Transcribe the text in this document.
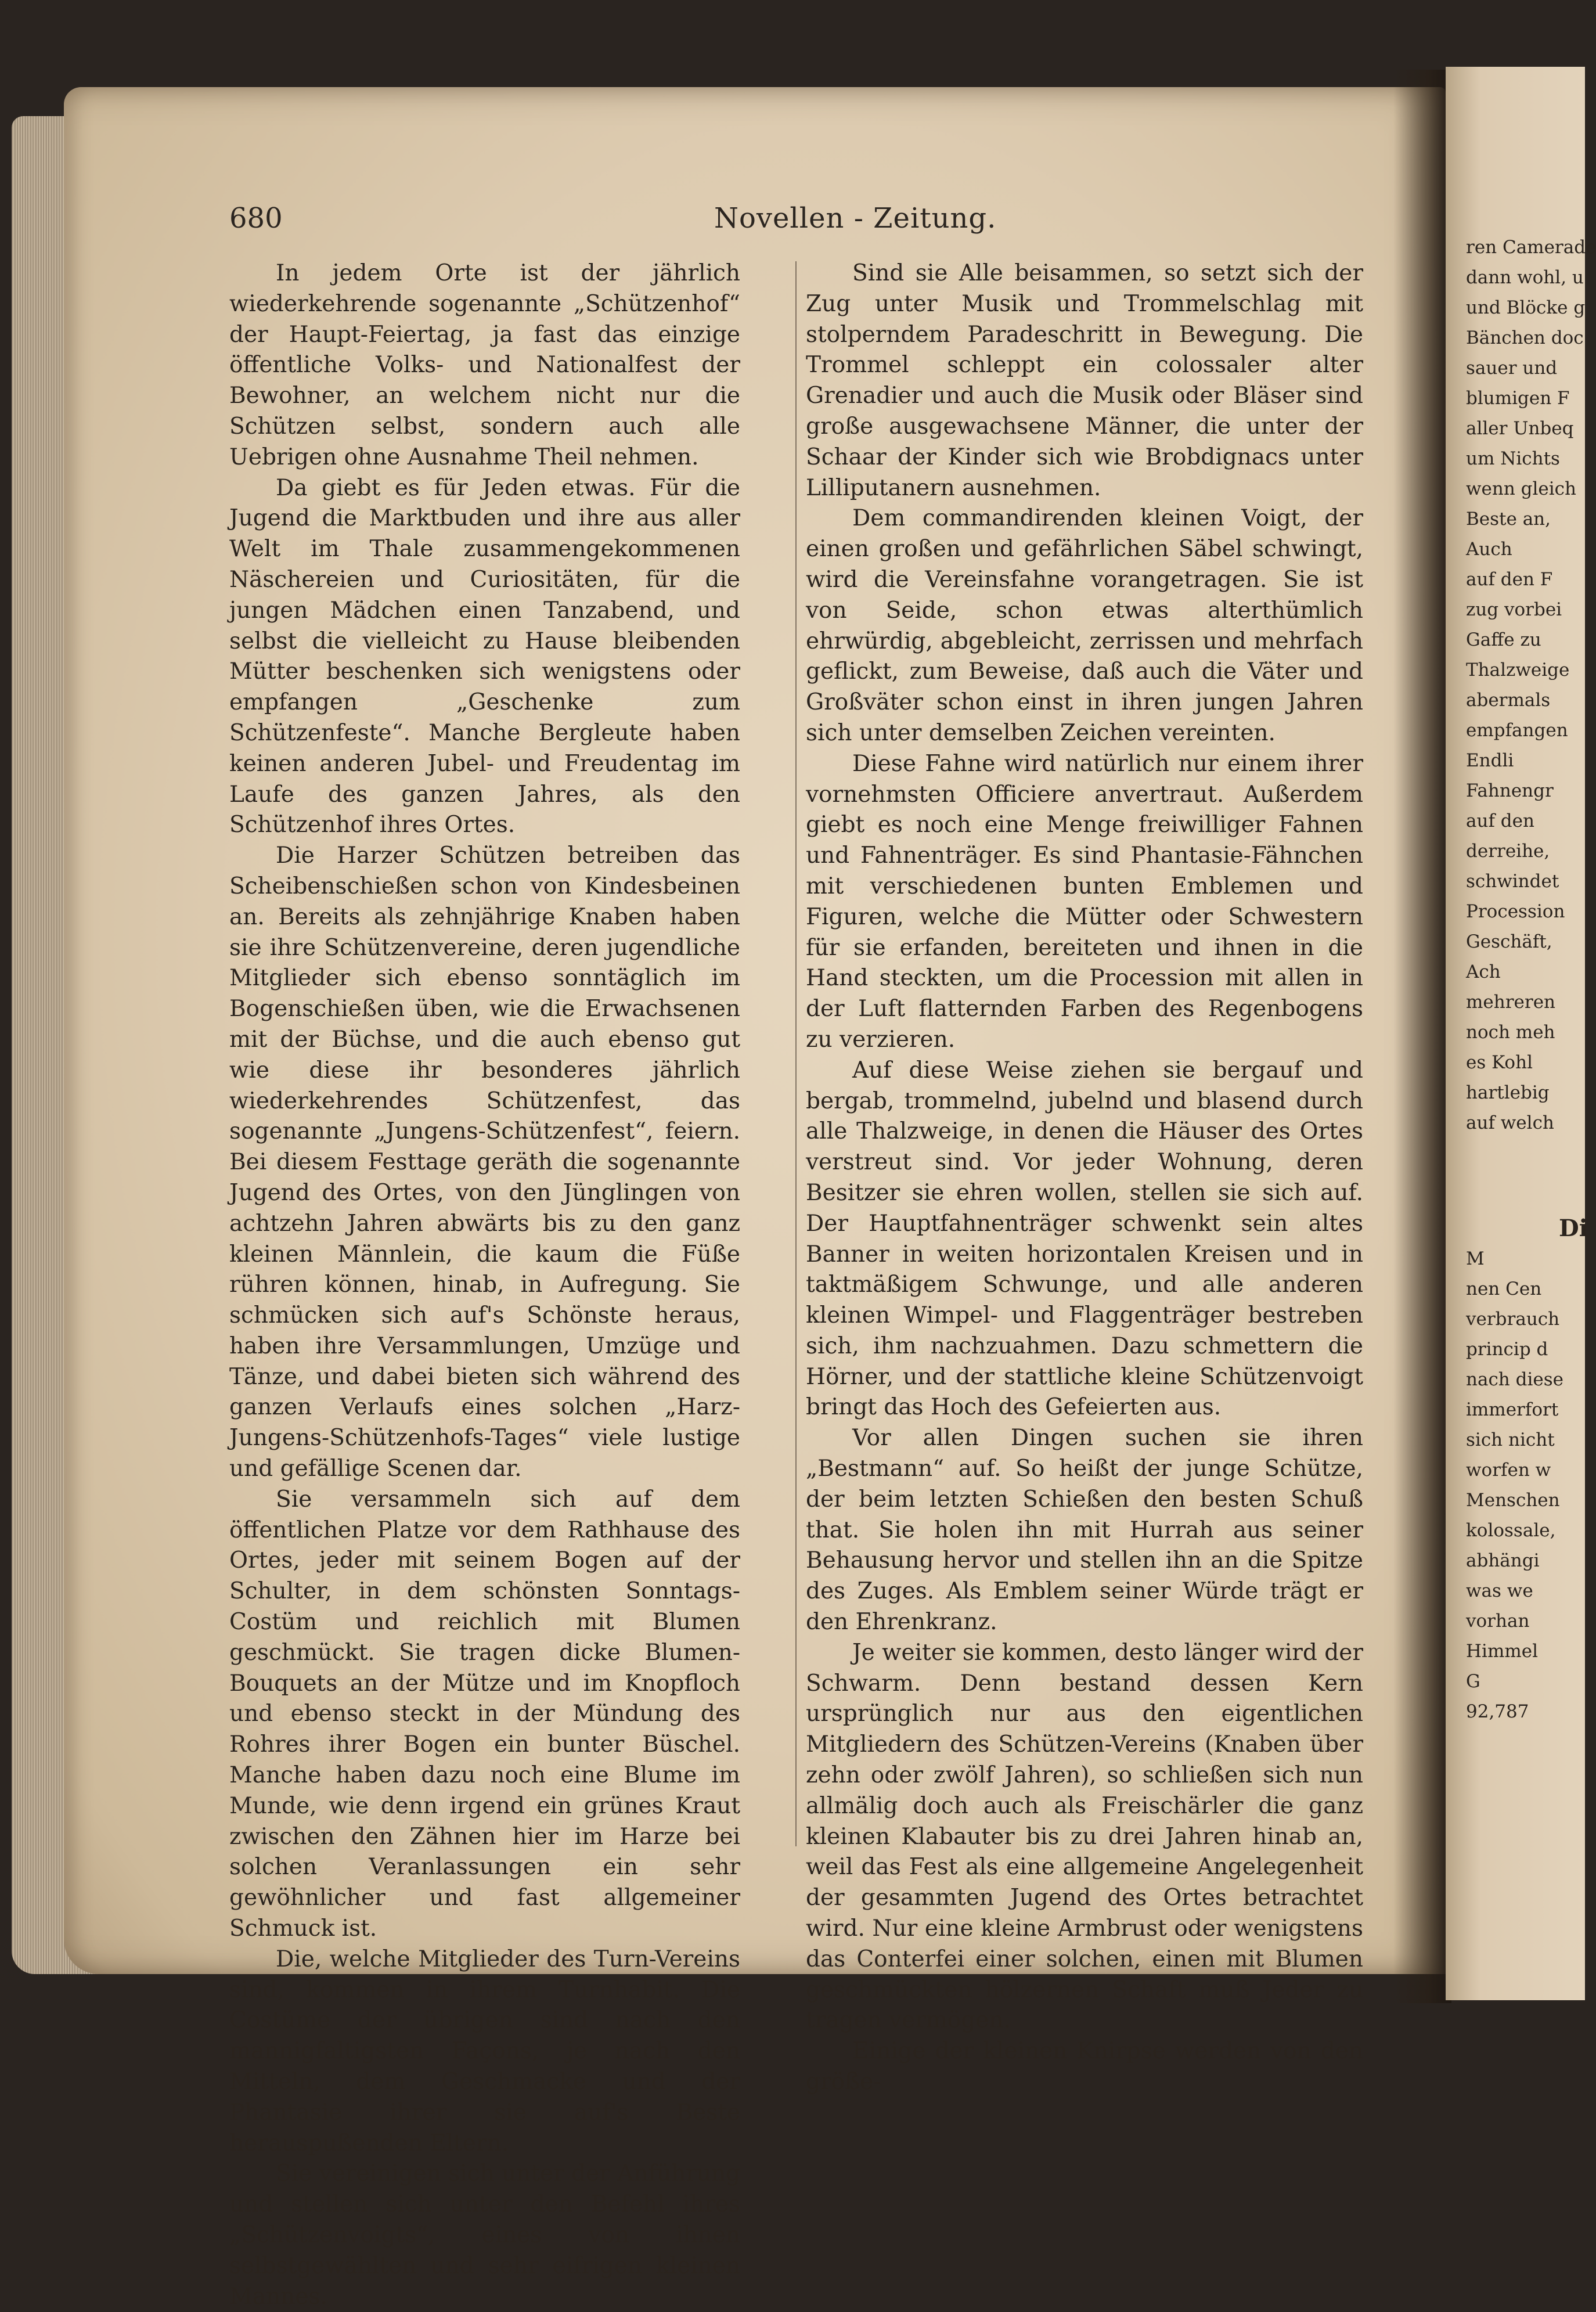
680	Novellen - Zeitung.

In jedem Orte ist der jährlich wiederkehrende sogenannte „Schützenhof“ der Haupt-Feiertag, ja fast das einzige öffentliche Volks- und Nationalfest der Bewohner, an welchem nicht nur die Schützen selbst, sondern auch alle Uebrigen ohne Ausnahme Theil nehmen.

Da giebt es für Jeden etwas. Für die Jugend die Marktbuden und ihre aus aller Welt im Thale zusammengekommenen Näschereien und Curiositäten, für die jungen Mädchen einen Tanzabend, und selbst die vielleicht zu Hause bleibenden Mütter beschenken sich wenigstens oder empfangen „Geschenke zum Schützenfeste“. Manche Bergleute haben keinen anderen Jubel- und Freudentag im Laufe des ganzen Jahres, als den Schützenhof ihres Ortes.

Die Harzer Schützen betreiben das Scheibenschießen schon von Kindesbeinen an. Bereits als zehnjährige Knaben haben sie ihre Schützenvereine, deren jugendliche Mitglieder sich ebenso sonntäglich im Bogenschießen üben, wie die Erwachsenen mit der Büchse, und die auch ebenso gut wie diese ihr besonderes jährlich wiederkehrendes Schützenfest, das sogenannte „Jungens-Schützenfest“, feiern. Bei diesem Festtage geräth die sogenannte Jugend des Ortes, von den Jünglingen von achtzehn Jahren abwärts bis zu den ganz kleinen Männlein, die kaum die Füße rühren können, hinab, in Aufregung. Sie schmücken sich auf's Schönste heraus, haben ihre Versammlungen, Umzüge und Tänze, und dabei bieten sich während des ganzen Verlaufs eines solchen „Harz-Jungens-Schützenhofs-Tages“ viele lustige und gefällige Scenen dar.

Sie versammeln sich auf dem öffentlichen Platze vor dem Rathhause des Ortes, jeder mit seinem Bogen auf der Schulter, in dem schönsten Sonntags-Costüm und reichlich mit Blumen geschmückt. Sie tragen dicke Blumen-Bouquets an der Mütze und im Knopfloch und ebenso steckt in der Mündung des Rohres ihrer Bogen ein bunter Büschel. Manche haben dazu noch eine Blume im Munde, wie denn irgend ein grünes Kraut zwischen den Zähnen hier im Harze bei solchen Veranlassungen ein sehr gewöhnlicher und fast allgemeiner Schmuck ist.

Die, welche Mitglieder des Turn-Vereins sind, kommen in ihrem Turnhabit. Die Costüme der übrigen sind nach den mannigfaltigsten Façons, je nach den Mitteln, dem Geschmacke und der Phantasie ihrer sie auf's Beste herauspußenden Eltern.

Sie vereinigen sich unter der Anführung und stellen sich unter den Befehl ihres „Schützenvoigts“, eines von ihnen selbstgewählten und sehr eifrigen kleinen Mannes.

Sind sie Alle beisammen, so setzt sich der Zug unter Musik und Trommelschlag mit stolperndem Paradeschritt in Bewegung. Die Trommel schleppt ein colossaler alter Grenadier und auch die Musik oder Bläser sind große ausgewachsene Männer, die unter der Schaar der Kinder sich wie Brobdignacs unter Lilliputanern ausnehmen.

Dem commandirenden kleinen Voigt, der einen großen und gefährlichen Säbel schwingt, wird die Vereinsfahne vorangetragen. Sie ist von Seide, schon etwas alterthümlich ehrwürdig, abgebleicht, zerrissen und mehrfach geflickt, zum Beweise, daß auch die Väter und Großväter schon einst in ihren jungen Jahren sich unter demselben Zeichen vereinten.

Diese Fahne wird natürlich nur einem ihrer vornehmsten Officiere anvertraut. Außerdem giebt es noch eine Menge freiwilliger Fahnen und Fahnenträger. Es sind Phantasie-Fähnchen mit verschiedenen bunten Emblemen und Figuren, welche die Mütter oder Schwestern für sie erfanden, bereiteten und ihnen in die Hand steckten, um die Procession mit allen in der Luft flatternden Farben des Regenbogens zu verzieren.

Auf diese Weise ziehen sie bergauf und bergab, trommelnd, jubelnd und blasend durch alle Thalzweige, in denen die Häuser des Ortes verstreut sind. Vor jeder Wohnung, deren Besitzer sie ehren wollen, stellen sie sich auf. Der Hauptfahnenträger schwenkt sein altes Banner in weiten horizontalen Kreisen und in taktmäßigem Schwunge, und alle anderen kleinen Wimpel- und Flaggenträger bestreben sich, ihm nachzuahmen. Dazu schmettern die Hörner, und der stattliche kleine Schützenvoigt bringt das Hoch des Gefeierten aus.

Vor allen Dingen suchen sie ihren „Bestmann“ auf. So heißt der junge Schütze, der beim letzten Schießen den besten Schuß that. Sie holen ihn mit Hurrah aus seiner Behausung hervor und stellen ihn an die Spitze des Zuges. Als Emblem seiner Würde trägt er den Ehrenkranz.

Je weiter sie kommen, desto länger wird der Schwarm. Denn bestand dessen Kern ursprünglich nur aus den eigentlichen Mitgliedern des Schützen-Vereins (Knaben über zehn oder zwölf Jahren), so schließen sich nun allmälig doch auch als Freischärler die ganz kleinen Klabauter bis zu drei Jahren hinab an, weil das Fest als eine allgemeine Angelegenheit der gesammten Jugend des Ortes betrachtet wird. Nur eine kleine Armbrust oder wenigstens das Conterfei einer solchen, einen mit Blumen geschmückten hölzernen Schaft muß Jeder zu tragen vermögen.

Einige der kleinen Knirpse werden von den größe-

ren Camerade
dann wohl, u
und Blöcke g
Bänchen doc
sauer und
blumigen F
aller Unbeq
um Nichts
wenn gleich
Beste an,
Auch
auf den F
zug vorbei
Gaffe zu
Thalzweige
abermals
empfangen
Endli
Fahnengr
auf den
derreihe,
schwindet
Procession
Geschäft,
Ach
mehreren
noch meh
es Kohl
hartlebig
auf welch
Di
M
nen Cen
verbrauch
princip d
nach diese
immerfort
sich nicht
worfen w
Menschen
kolossale,
abhängi
was we
vorhan
Himmel
G
92,787
